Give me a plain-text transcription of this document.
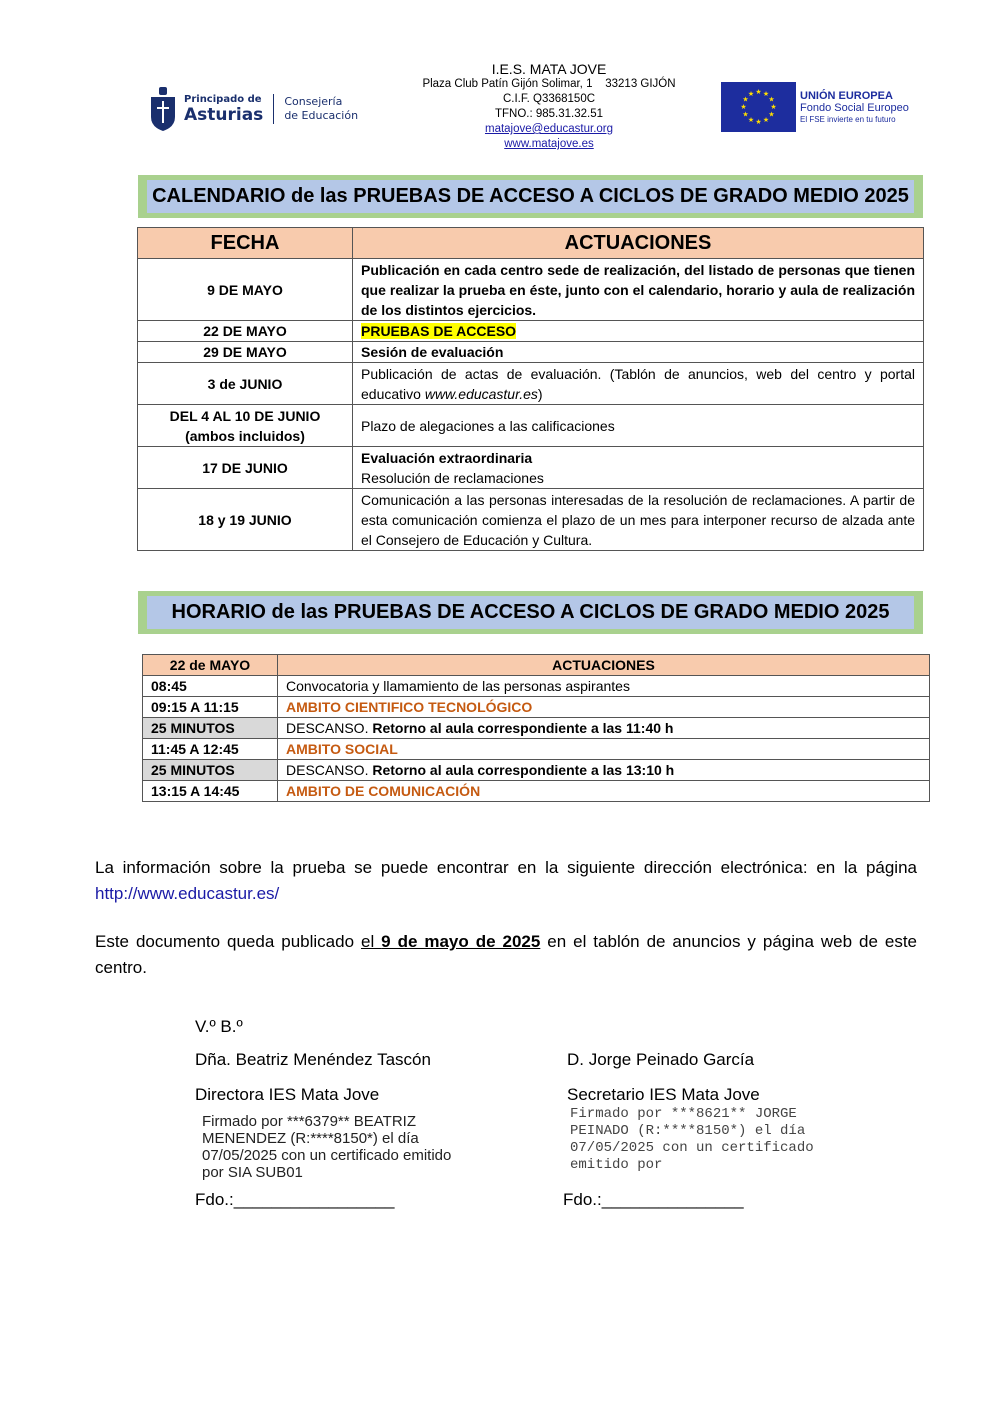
Principado de
Asturias
Consejería
de Educación
I.E.S. MATA JOVE
Plaza Club Patín Gijón Solimar, 1    33213 GIJÓN
C.I.F. Q3368150C
TFNO.: 985.31.32.51
matajove@educastur.org
www.matajove.es
★ ★
★
★
★
★
★
★
★
★
★
★	UNIÓN EUROPEA
Fondo Social Europeo
El FSE invierte en tu futuro
CALENDARIO de las PRUEBAS DE ACCESO A CICLOS DE GRADO MEDIO 2025
FECHA	ACTUACIONES
9 DE MAYO	Publicación en cada centro sede de realización, del listado de personas que tienen que realizar la prueba en éste, junto con el calendario, horario y aula de realización de los distintos ejercicios.
22 DE MAYO	PRUEBAS DE ACCESO
29 DE MAYO	Sesión de evaluación
3 de JUNIO	Publicación de actas de evaluación. (Tablón de anuncios, web del centro y portal educativo www.educastur.es)

DEL 4 AL 10 DE JUNIO
(ambos incluidos)	Plazo de alegaciones a las calificaciones
17 DE JUNIO	Evaluación extraordinaria
Resolución de reclamaciones

18 y 19 JUNIO	Comunicación a las personas interesadas de la resolución de reclamaciones. A partir de esta comunicación comienza el plazo de un mes para interponer recurso de alzada ante el Consejero de Educación y Cultura.
HORARIO de las PRUEBAS DE ACCESO A CICLOS DE GRADO MEDIO 2025
22 de MAYO	ACTUACIONES
08:45	Convocatoria y llamamiento de las personas aspirantes
09:15 A 11:15	AMBITO CIENTIFICO TECNOLÓGICO
25 MINUTOS	DESCANSO. Retorno al aula correspondiente a las 11:40 h
11:45 A 12:45	AMBITO SOCIAL
25 MINUTOS	DESCANSO. Retorno al aula correspondiente a las 13:10 h
13:15 A 14:45	AMBITO DE COMUNICACIÓN
La información sobre la prueba se puede encontrar en la siguiente dirección electrónica: en la página http://www.educastur.es/
Este documento queda publicado el 9 de mayo de 2025 en el tablón de anuncios y página web de este centro.
V.º B.º
Dña. Beatriz Menéndez Tascón	D. Jorge Peinado García
Directora IES Mata Jove	Secretario IES Mata Jove
Firmado por ***6379** BEATRIZ MENENDEZ (R:****8150*) el día 07/05/2025 con un certificado emitido por SIA SUB01
Firmado por ***8621** JORGE PEINADO (R:****8150*) el día 07/05/2025 con un certificado emitido por
Fdo.:_________________	Fdo.:_______________
